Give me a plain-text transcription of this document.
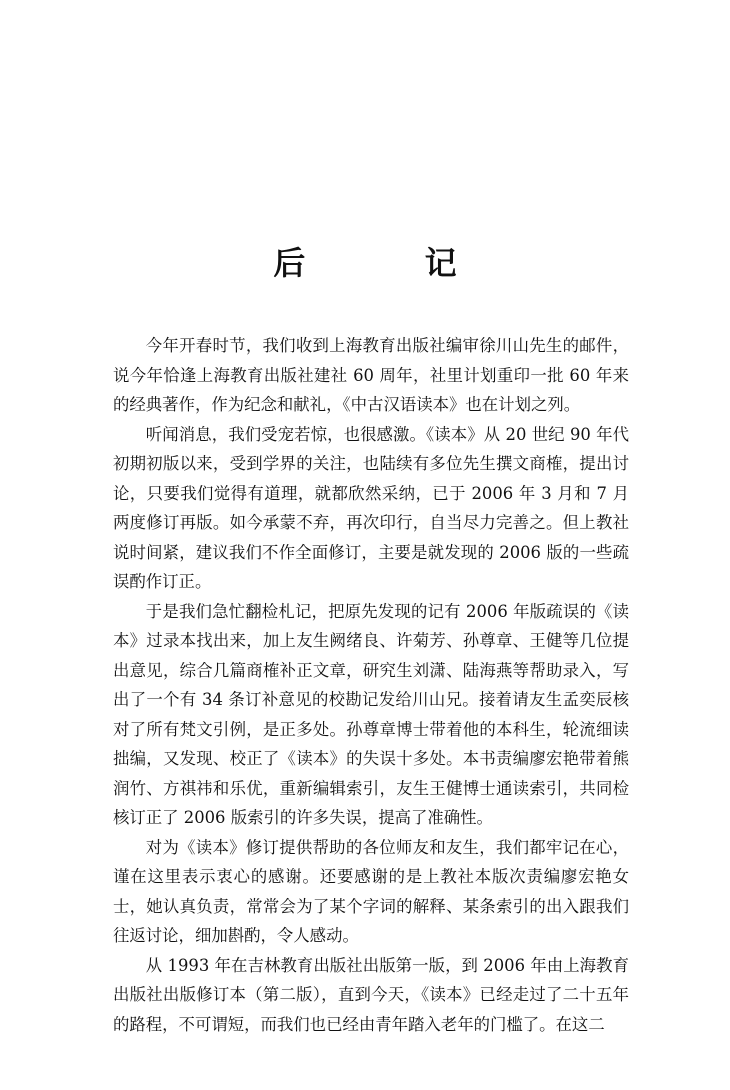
后 记

今年开春时节，我们收到上海教育出版社编审徐川山先生的邮件，说今年恰逢上海教育出版社建社 60 周年，社里计划重印一批 60 年来的经典著作，作为纪念和献礼，《中古汉语读本》也在计划之列。

听闻消息，我们受宠若惊，也很感激。《读本》从 20 世纪 90 年代初期初版以来，受到学界的关注，也陆续有多位先生撰文商榷，提出讨论，只要我们觉得有道理，就都欣然采纳，已于 2006 年 3 月和 7 月两度修订再版。如今承蒙不弃，再次印行，自当尽力完善之。但上教社说时间紧，建议我们不作全面修订，主要是就发现的 2006 版的一些疏误酌作订正。

于是我们急忙翻检札记，把原先发现的记有 2006 年版疏误的《读本》过录本找出来，加上友生阙绪良、许菊芳、孙尊章、王健等几位提出意见，综合几篇商榷补正文章，研究生刘潇、陆海燕等帮助录入，写出了一个有 34 条订补意见的校勘记发给川山兄。接着请友生孟奕辰核对了所有梵文引例，是正多处。孙尊章博士带着他的本科生，轮流细读拙编，又发现、校正了《读本》的失误十多处。本书责编廖宏艳带着熊润竹、方祺祎和乐优，重新编辑索引，友生王健博士通读索引，共同检核订正了 2006 版索引的许多失误，提高了准确性。

对为《读本》修订提供帮助的各位师友和友生，我们都牢记在心，谨在这里表示衷心的感谢。还要感谢的是上教社本版次责编廖宏艳女士，她认真负责，常常会为了某个字词的解释、某条索引的出入跟我们往返讨论，细加斟酌，令人感动。

从 1993 年在吉林教育出版社出版第一版，到 2006 年由上海教育出版社出版修订本（第二版），直到今天，《读本》已经走过了二十五年的路程，不可谓短，而我们也已经由青年踏入老年的门槛了。在这二
